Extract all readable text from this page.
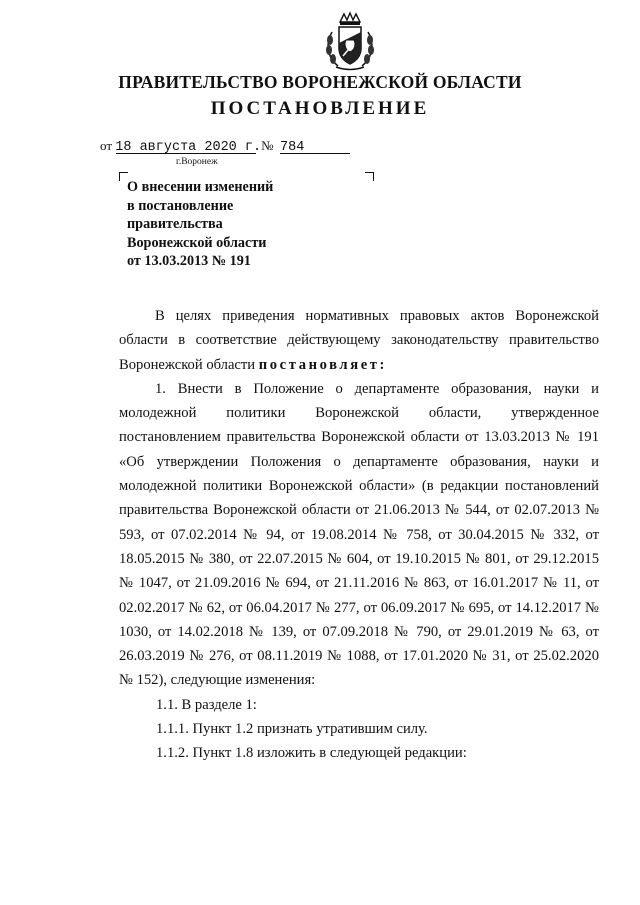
ПРАВИТЕЛЬСТВО ВОРОНЕЖСКОЙ ОБЛАСТИ
ПОСТАНОВЛЕНИЕ
от 18 августа 2020 г.№ 784
г.Воронеж
О внесении изменений
в постановление
правительства
Воронежской области
от 13.03.2013 № 191

В целях приведения нормативных правовых актов Воронежской области в соответствие действующему законодательству правительство Воронежской области постановляет:

1. Внести в Положение о департаменте образования, науки и молодежной политики Воронежской области, утвержденное постановлением правительства Воронежской области от 13.03.2013 № 191 «Об утверждении Положения о департаменте образования, науки и молодежной политики Воронежской области» (в редакции постановлений правительства Воронежской области от 21.06.2013 № 544, от 02.07.2013 № 593, от 07.02.2014 № 94, от 19.08.2014 № 758, от 30.04.2015 № 332, от 18.05.2015 № 380, от 22.07.2015 № 604, от 19.10.2015 № 801, от 29.12.2015 № 1047, от 21.09.2016 № 694, от 21.11.2016 № 863, от 16.01.2017 № 11, от 02.02.2017 № 62, от 06.04.2017 № 277, от 06.09.2017 № 695, от 14.12.2017 № 1030, от 14.02.2018 № 139, от 07.09.2018 № 790, от 29.01.2019 № 63, от 26.03.2019 № 276, от 08.11.2019 № 1088, от 17.01.2020 № 31, от 25.02.2020 № 152), следующие изменения:

1.1. В разделе 1:

1.1.1. Пункт 1.2 признать утратившим силу.

1.1.2. Пункт 1.8 изложить в следующей редакции:
